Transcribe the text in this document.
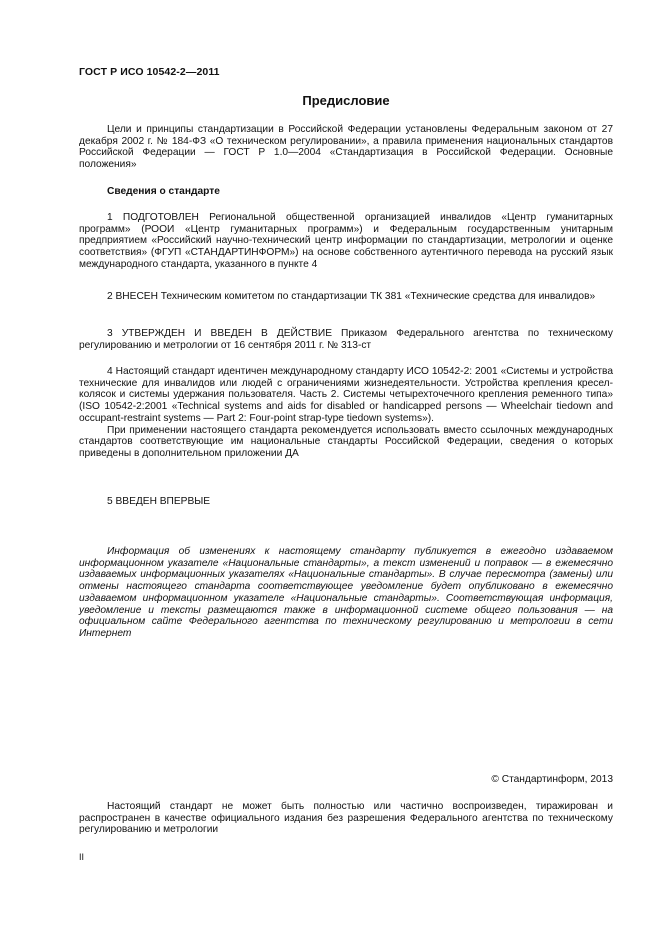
ГОСТ Р ИСО 10542-2—2011
Предисловие

Цели и принципы стандартизации в Российской Федерации установлены Федеральным законом от 27 декабря 2002 г. № 184-ФЗ «О техническом регулировании», а правила применения национальных стандартов Российской Федерации — ГОСТ Р 1.0—2004 «Стандартизация в Российской Федерации. Основные положения»

Сведения о стандарте

1 ПОДГОТОВЛЕН Региональной общественной организацией инвалидов «Центр гуманитарных программ» (РООИ «Центр гуманитарных программ») и Федеральным государственным унитарным предприятием «Российский научно-технический центр информации по стандартизации, метрологии и оценке соответствия» (ФГУП «СТАНДАРТИНФОРМ») на основе собственного аутентичного перевода на русский язык международного стандарта, указанного в пункте 4

2 ВНЕСЕН Техническим комитетом по стандартизации ТК 381 «Технические средства для инвалидов»

3 УТВЕРЖДЕН И ВВЕДЕН В ДЕЙСТВИЕ Приказом Федерального агентства по техническому регулированию и метрологии от 16 сентября 2011 г. № 313-ст

4 Настоящий стандарт идентичен международному стандарту ИСО 10542-2: 2001 «Системы и устройства технические для инвалидов или людей с ограничениями жизнедеятельности. Устройства крепления кресел-колясок и системы удержания пользователя. Часть 2. Системы четырехточечного крепления ременного типа» (ISO 10542-2:2001 «Technical systems and aids for disabled or handicapped persons — Wheelchair tiedown and occupant-restraint systems — Part 2: Four-point strap-type tiedown systems»).

При применении настоящего стандарта рекомендуется использовать вместо ссылочных международных стандартов соответствующие им национальные стандарты Российской Федерации, сведения о которых приведены в дополнительном приложении ДА

5 ВВЕДЕН ВПЕРВЫЕ

Информация об изменениях к настоящему стандарту публикуется в ежегодно издаваемом информационном указателе «Национальные стандарты», а текст изменений и поправок — в ежемесячно издаваемых информационных указателях «Национальные стандарты». В случае пересмотра (замены) или отмены настоящего стандарта соответствующее уведомление будет опубликовано в ежемесячно издаваемом информационном указателе «Национальные стандарты». Соответствующая информация, уведомление и тексты размещаются также в информационной системе общего пользования — на официальном сайте Федерального агентства по техническому регулированию и метрологии в сети Интернет

© Стандартинформ, 2013

Настоящий стандарт не может быть полностью или частично воспроизведен, тиражирован и распространен в качестве официального издания без разрешения Федерального агентства по техническому регулированию и метрологии

II
